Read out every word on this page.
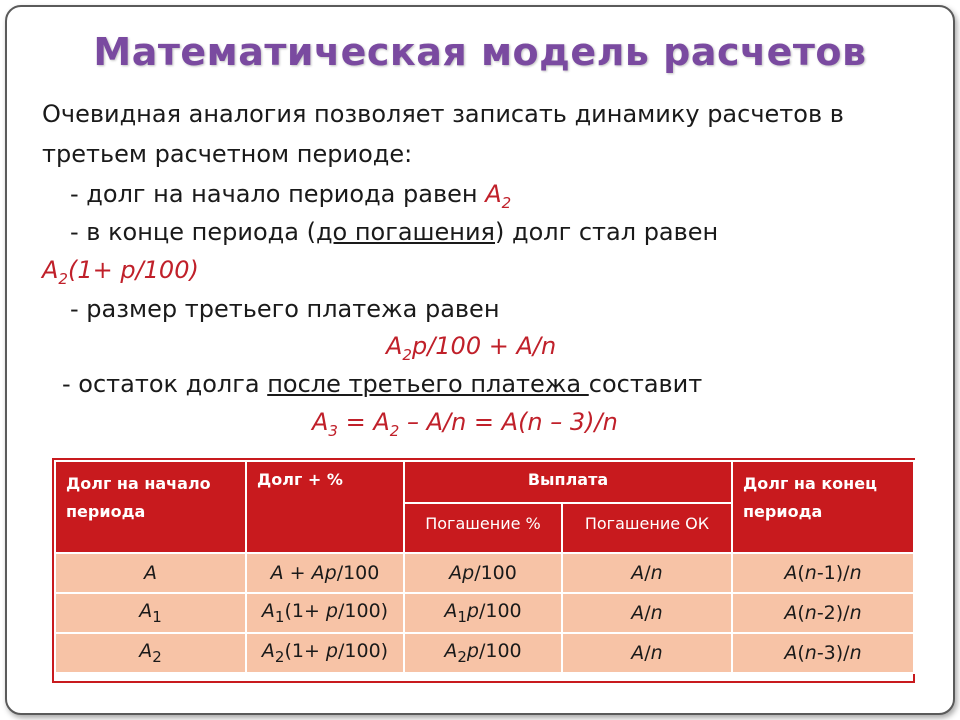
Математическая модель расчетов
Очевидная аналогия позволяет записать динамику расчетов в
третьем расчетном периоде:
- долг на начало периода равен $A_2$
- в конце периода (до погашения) долг стал равен
$A_2(1+ p/100)$
- размер третьего платежа равен
$A_2p/100 + A/n$
- остаток долга после третьего платежа составит
$A_3 = A_2 - A/n = A(n - 3)/n$
Долг на начало периода	Долг + %	Выплата		Долг на конец периода
		Погашение %	Погашение ОК	
A	A + Ap/100	Ap/100	A/n	A(n-1)/n
$A_1$	$A_1(1+ p/100)$	$A_1p/100$	A/n	A(n-2)/n
$A_2$	$A_2(1+ p/100)$	$A_2p/100$	A/n	A(n-3)/n
